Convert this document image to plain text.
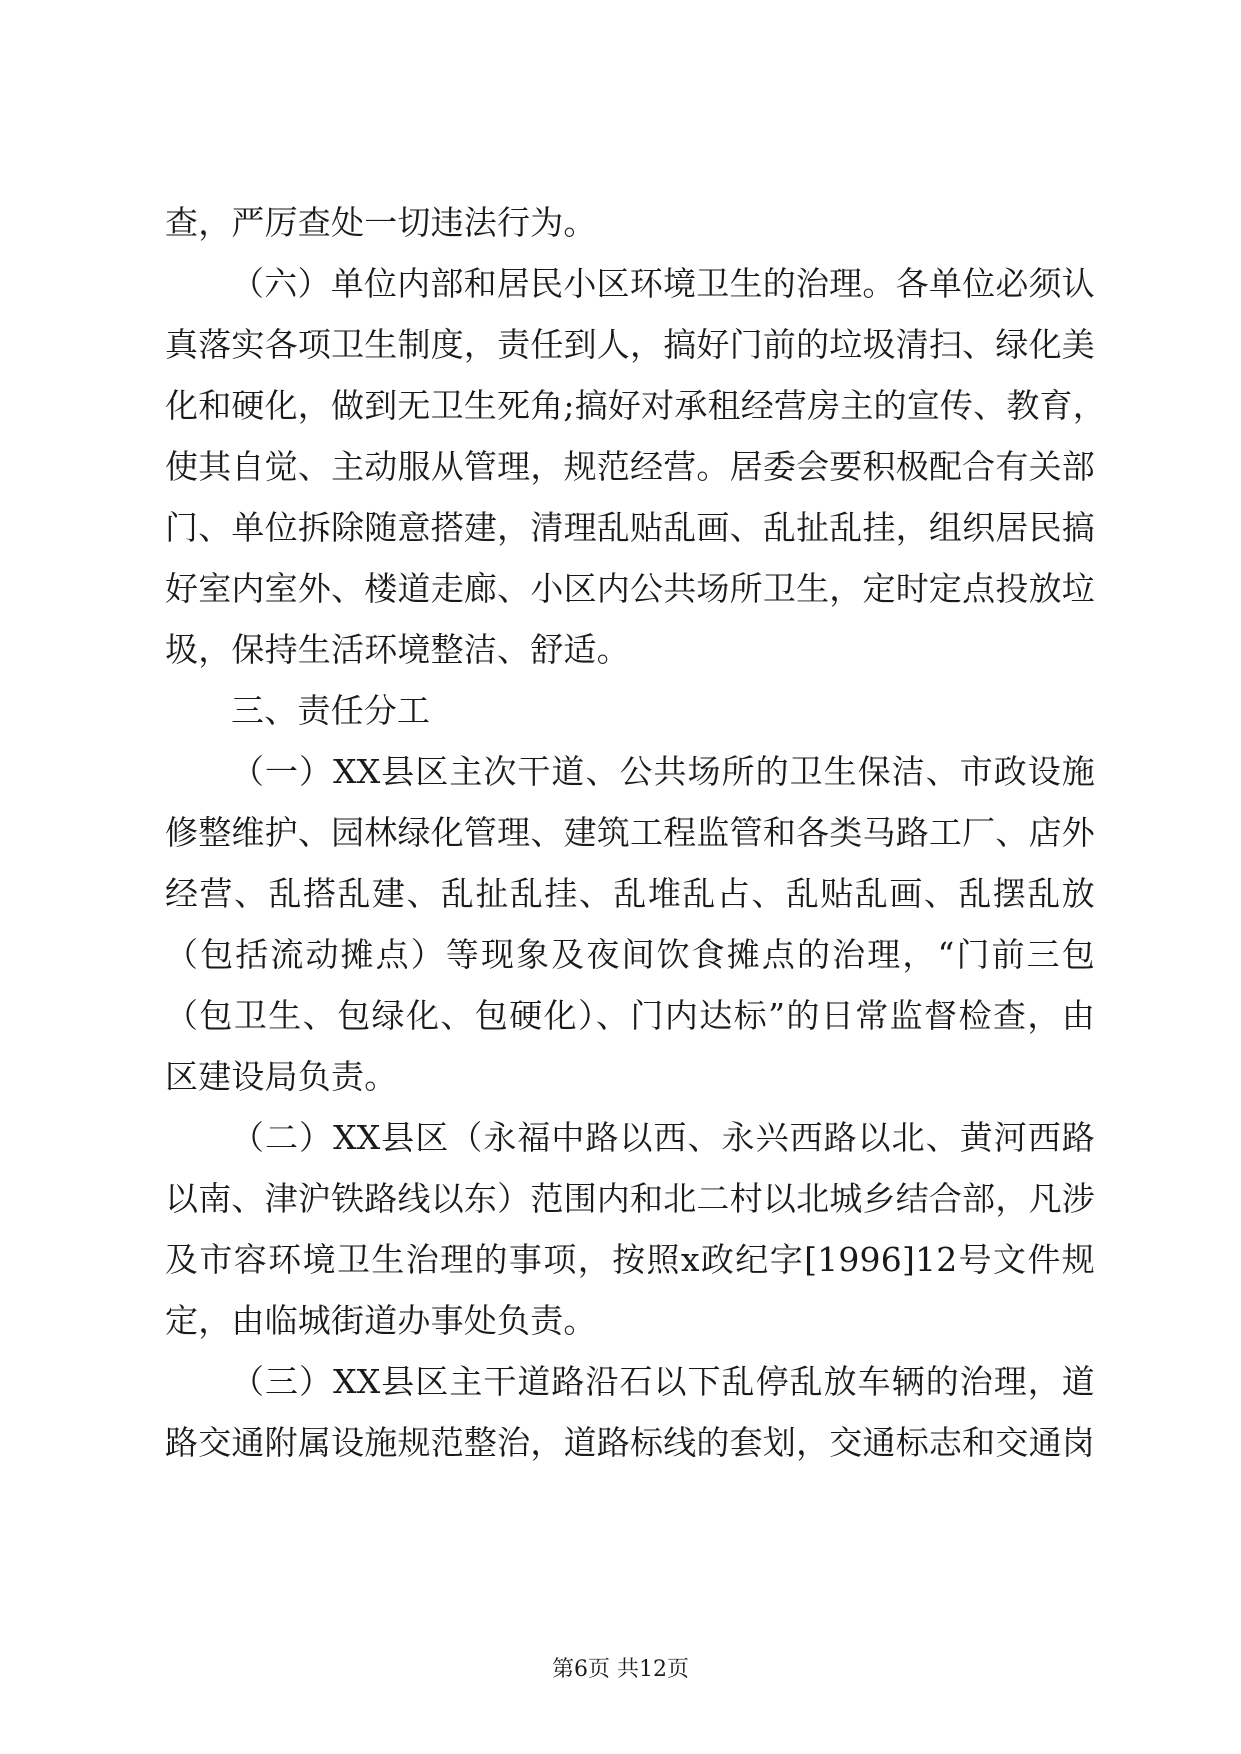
查，严厉查处一切违法行为。
（六）单位内部和居民小区环境卫生的治理。各单位必须认
真落实各项卫生制度，责任到人，搞好门前的垃圾清扫、绿化美
化和硬化，做到无卫生死角;搞好对承租经营房主的宣传、教育，
使其自觉、主动服从管理，规范经营。居委会要积极配合有关部
门、单位拆除随意搭建，清理乱贴乱画、乱扯乱挂，组织居民搞
好室内室外、楼道走廊、小区内公共场所卫生，定时定点投放垃
圾，保持生活环境整洁、舒适。
三、责任分工
（一）XX县区主次干道、公共场所的卫生保洁、市政设施
修整维护、园林绿化管理、建筑工程监管和各类马路工厂、店外
经营、乱搭乱建、乱扯乱挂、乱堆乱占、乱贴乱画、乱摆乱放
（包括流动摊点）等现象及夜间饮食摊点的治理，“门前三包
（包卫生、包绿化、包硬化）、门内达标”的日常监督检查，由
区建设局负责。
（二）XX县区（永福中路以西、永兴西路以北、黄河西路
以南、津沪铁路线以东）范围内和北二村以北城乡结合部，凡涉
及市容环境卫生治理的事项，按照x政纪字[1996]12号文件规
定，由临城街道办事处负责。
（三）XX县区主干道路沿石以下乱停乱放车辆的治理，道
路交通附属设施规范整治，道路标线的套划，交通标志和交通岗
第6页 共12页
